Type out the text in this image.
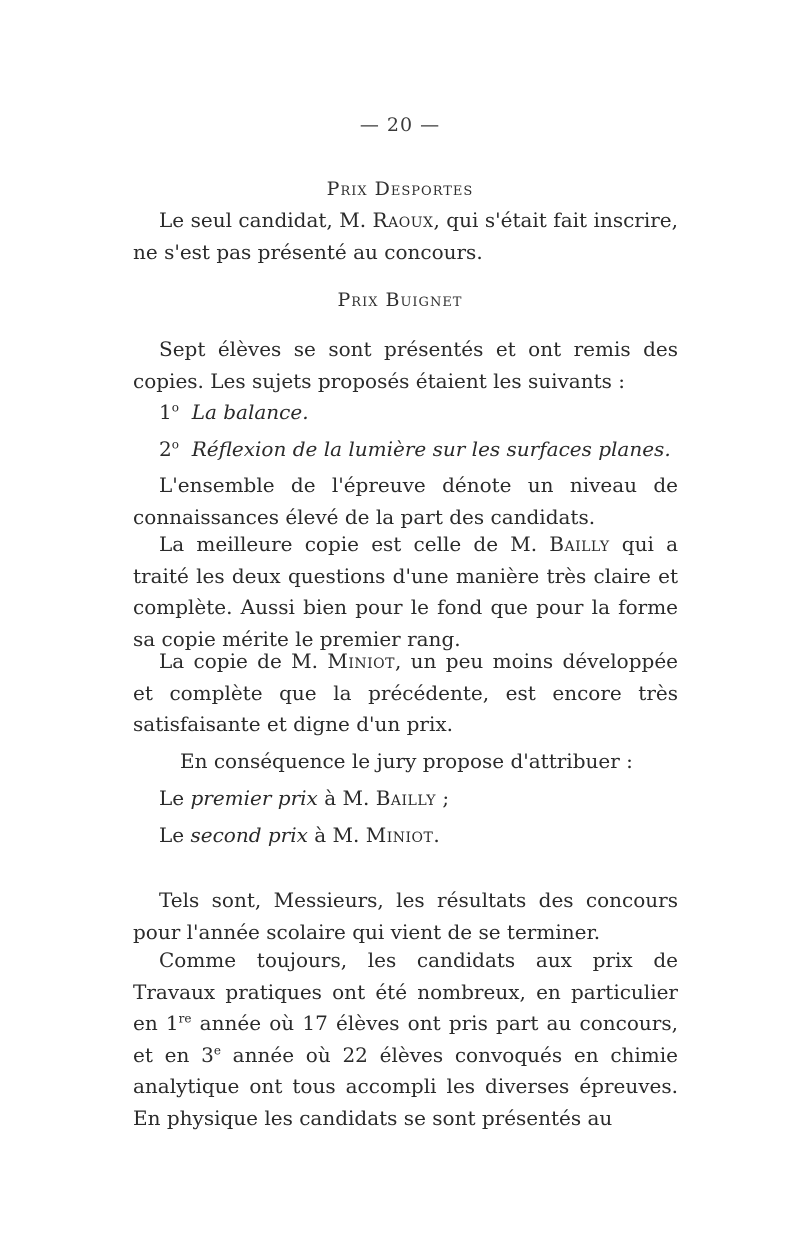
— 20 —
Prix Desportes
Le seul candidat, M. Raoux, qui s'était fait inscrire, ne s'est pas présenté au concours.
Prix Buignet
Sept élèves se sont présentés et ont remis des copies. Les sujets proposés étaient les suivants :
1$^o$ La balance.
2$^o$ Réflexion de la lumière sur les surfaces planes.
L'ensemble de l'épreuve dénote un niveau de connaissances élevé de la part des candidats.
La meilleure copie est celle de M. Bailly qui a traité les deux questions d'une manière très claire et complète. Aussi bien pour le fond que pour la forme sa copie mérite le premier rang.
La copie de M. Miniot, un peu moins développée et complète que la précédente, est encore très satisfaisante et digne d'un prix.
En conséquence le jury propose d'attribuer :
Le premier prix à M. Bailly ;
Le second prix à M. Miniot.
Tels sont, Messieurs, les résultats des concours pour l'année scolaire qui vient de se terminer.
Comme toujours, les candidats aux prix de Travaux pratiques ont été nombreux, en particulier en 1re année où 17 élèves ont pris part au concours, et en 3e année où 22 élèves convoqués en chimie analytique ont tous accompli les diverses épreuves. En physique les candidats se sont présentés au
